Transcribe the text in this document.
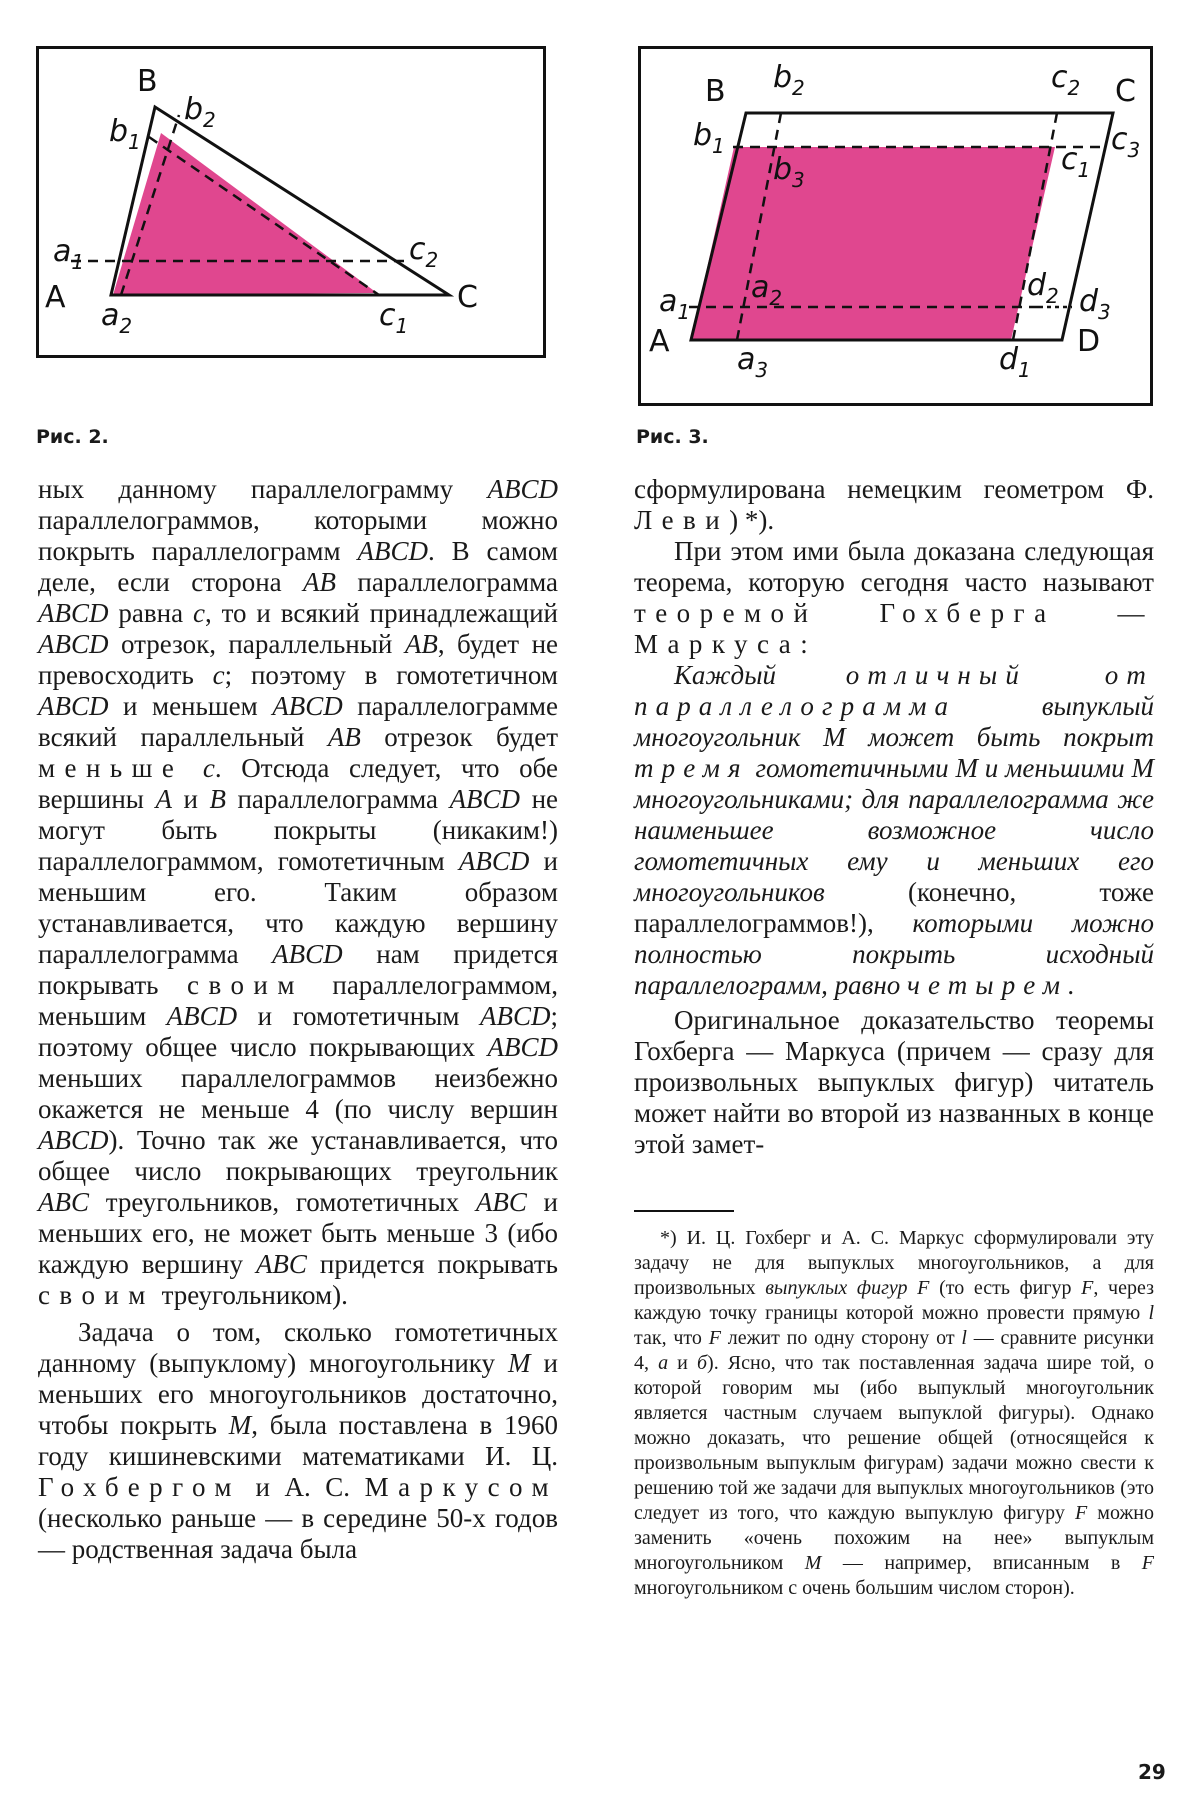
B
$b_2$
$b_1$
$a_1$	$c_2$
A	C
$a_2$	$c_1$
Рис. 2.
B $b_2$	$c_2$ C
$b_1$	$c_1$
$c_3$
$b_3$
$a_2$	$d_2$ $d_3$
$a_1$
A	D
$a_3$	$d_1$
Рис. 3.

ных данному параллелограмму ABCD параллелограммов, которыми можно покрыть параллелограмм ABCD. В самом деле, если сторона AB параллелограмма ABCD равна c, то и всякий принадлежащий ABCD отрезок, параллельный AB, будет не превосходить c; поэтому в гомотетичном ABCD и меньшем ABCD параллелограмме всякий параллельный AB отрезок будет меньше c. Отсюда следует, что обе вершины A и B параллелограмма ABCD не могут быть покрыты (никаким!) параллелограммом, гомотетичным ABCD и меньшим его. Таким образом устанавливается, что каждую вершину параллелограмма ABCD нам придется покрывать своим параллелограммом, меньшим ABCD и гомотетичным ABCD; поэтому общее число покрывающих ABCD меньших параллелограммов неизбежно окажется не меньше 4 (по числу вершин ABCD). Точно так же устанавливается, что общее число покрывающих треугольник ABC треугольников, гомотетичных ABC и меньших его, не может быть меньше 3 (ибо каждую вершину ABC придется покрывать своим треугольником).

Задача о том, сколько гомотетичных данному (выпуклому) многоугольнику M и меньших его многоугольников достаточно, чтобы покрыть M, была поставлена в 1960 году кишиневскими математиками И. Ц. Гохбергом и А. С. Маркусом (несколько раньше — в середине 50-х годов — родственная задача была

сформулирована немецким геометром Ф. Леви) *).

При этом ими была доказана следующая теорема, которую сегодня часто называют теоремой Гохберга — Маркуса:

Каждый отличный от параллелограмма выпуклый многоугольник M может быть покрыт тремя гомотетичными M и меньшими M многоугольниками; для параллелограмма же наименьшее возможное число гомотетичных ему и меньших его многоугольников (конечно, тоже параллелограммов!), которыми можно полностью покрыть исходный параллелограмм, равно четырем.

Оригинальное доказательство теоремы Гохберга — Маркуса (причем — сразу для произвольных выпуклых фигур) читатель может найти во второй из названных в конце этой замет-

*) И. Ц. Гохберг и А. С. Маркус сформулировали эту задачу не для выпуклых многоугольников, а для произвольных выпуклых фигур F (то есть фигур F, через каждую точку границы которой можно провести прямую l так, что F лежит по одну сторону от l — сравните рисунки 4, а и б). Ясно, что так поставленная задача шире той, о которой говорим мы (ибо выпуклый многоугольник является частным случаем выпуклой фигуры). Однако можно доказать, что решение общей (относящейся к произвольным выпуклым фигурам) задачи можно свести к решению той же задачи для выпуклых многоугольников (это следует из того, что каждую выпуклую фигуру F можно заменить «очень похожим на нее» выпуклым многоугольником M — например, вписанным в F многоугольником с очень большим числом сторон).

29
